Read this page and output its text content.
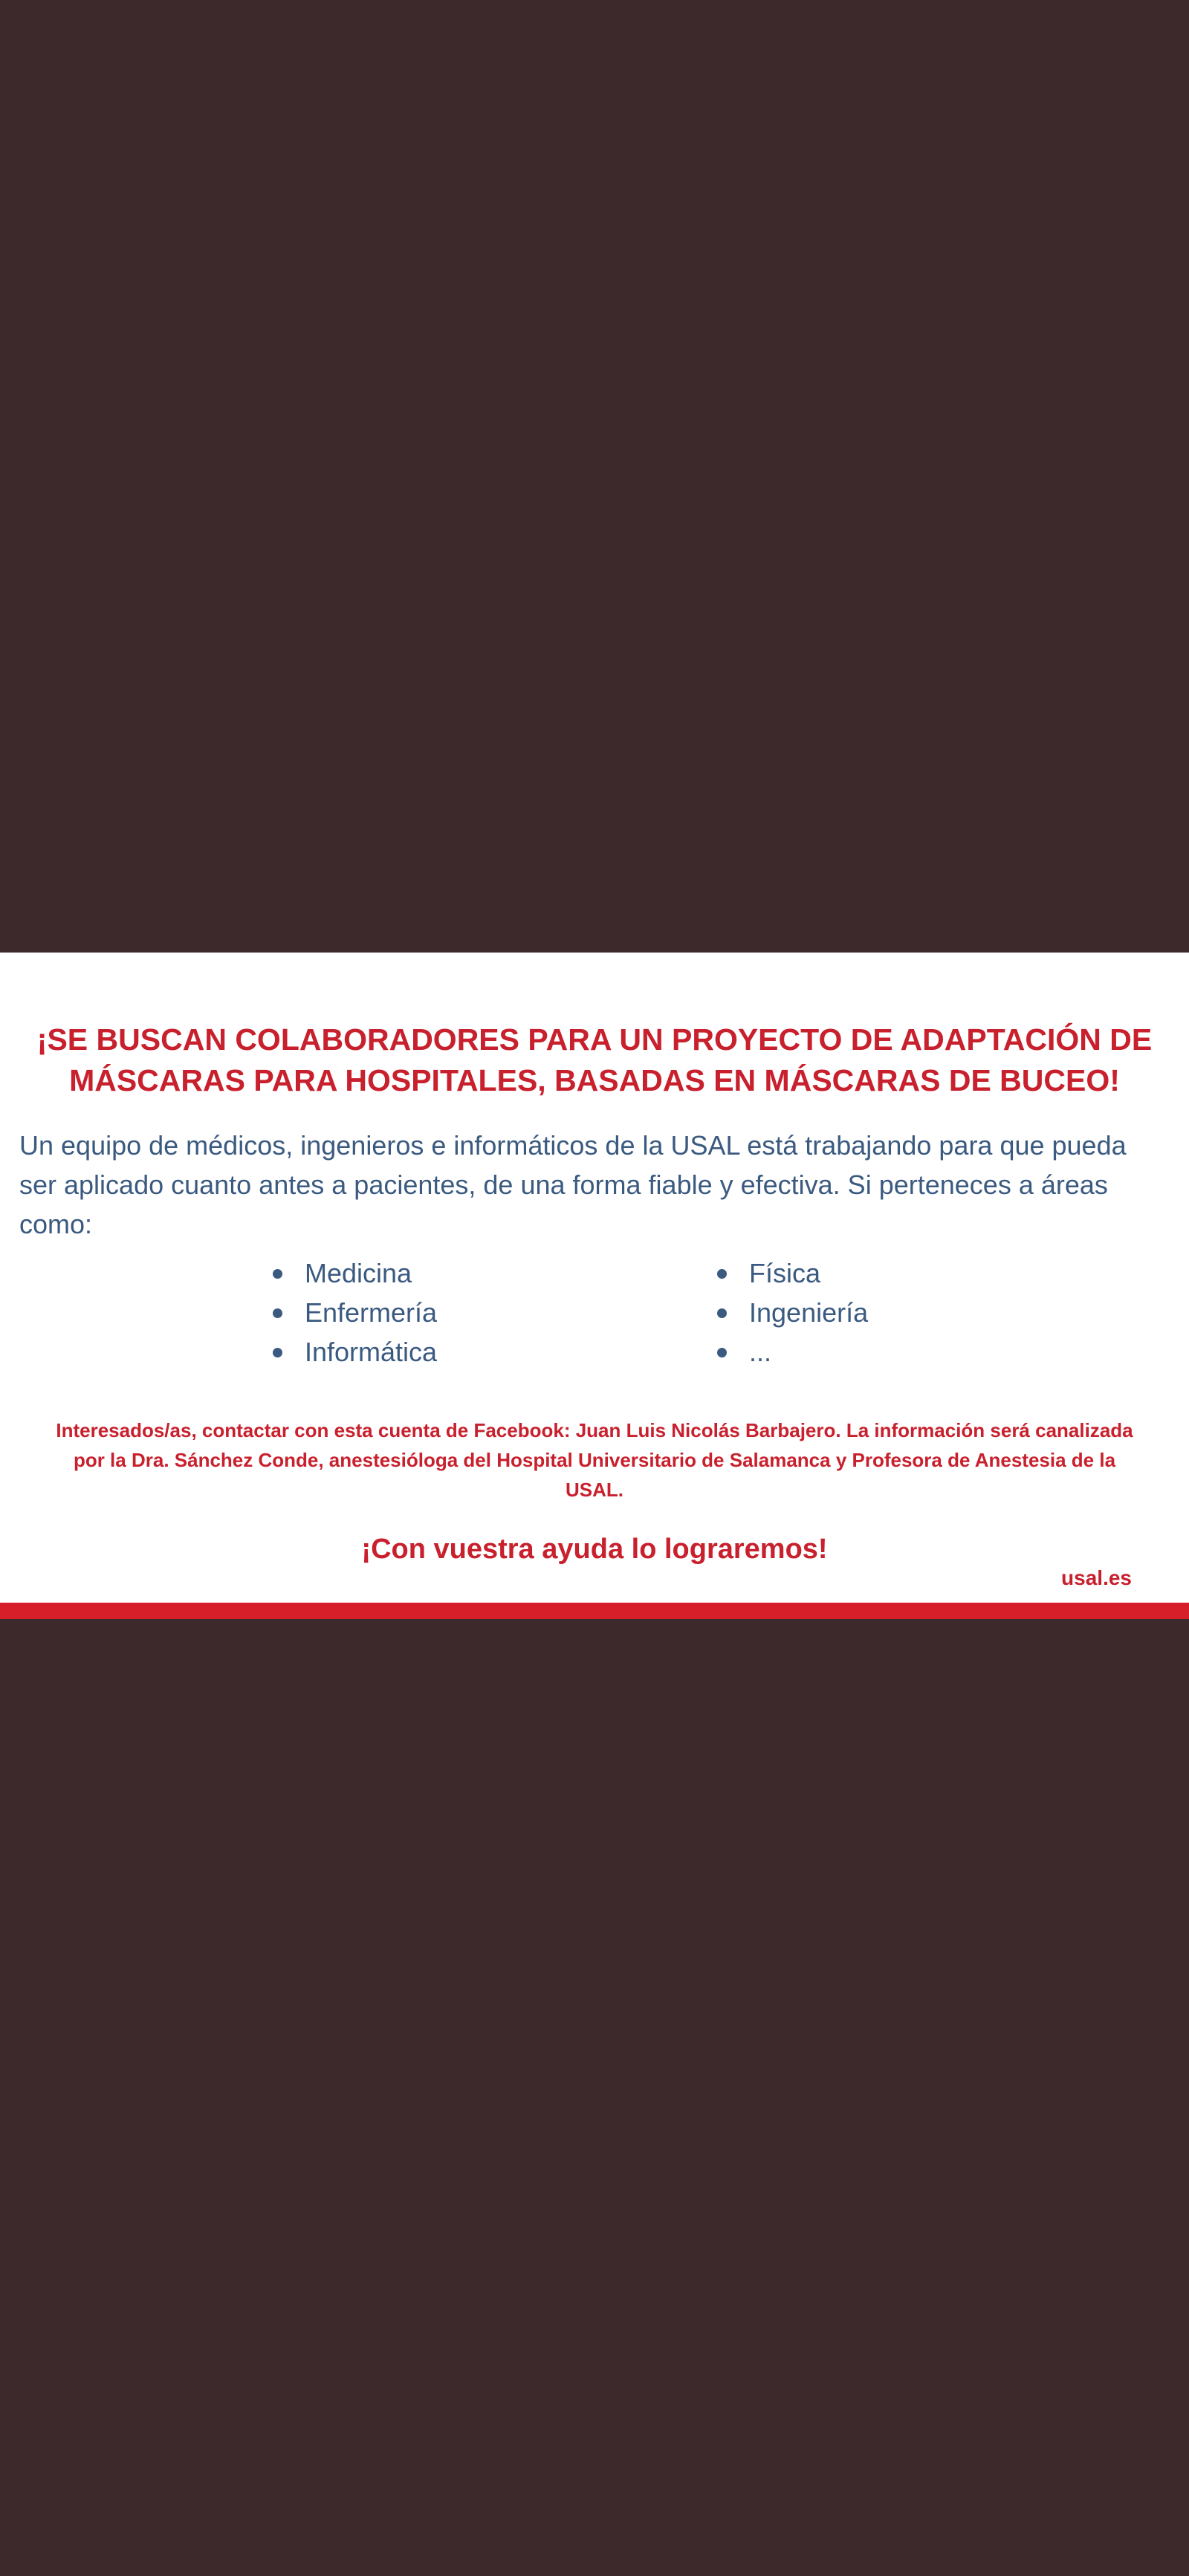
¡SE BUSCAN COLABORADORES PARA UN PROYECTO DE ADAPTACIÓN DE MÁSCARAS PARA HOSPITALES, BASADAS EN MÁSCARAS DE BUCEO!

Un equipo de médicos, ingenieros e informáticos de la USAL está trabajando para que pueda ser aplicado cuanto antes a pacientes, de una forma fiable y efectiva. Si perteneces a áreas como:

Medicina
Enfermería
Informática
Física
Ingeniería
...

Interesados/as, contactar con esta cuenta de Facebook: Juan Luis Nicolás Barbajero. La información será canalizada por la Dra. Sánchez Conde, anestesióloga del Hospital Universitario de Salamanca y Profesora de Anestesia de la USAL.

¡Con vuestra ayuda lo lograremos!

usal.es
